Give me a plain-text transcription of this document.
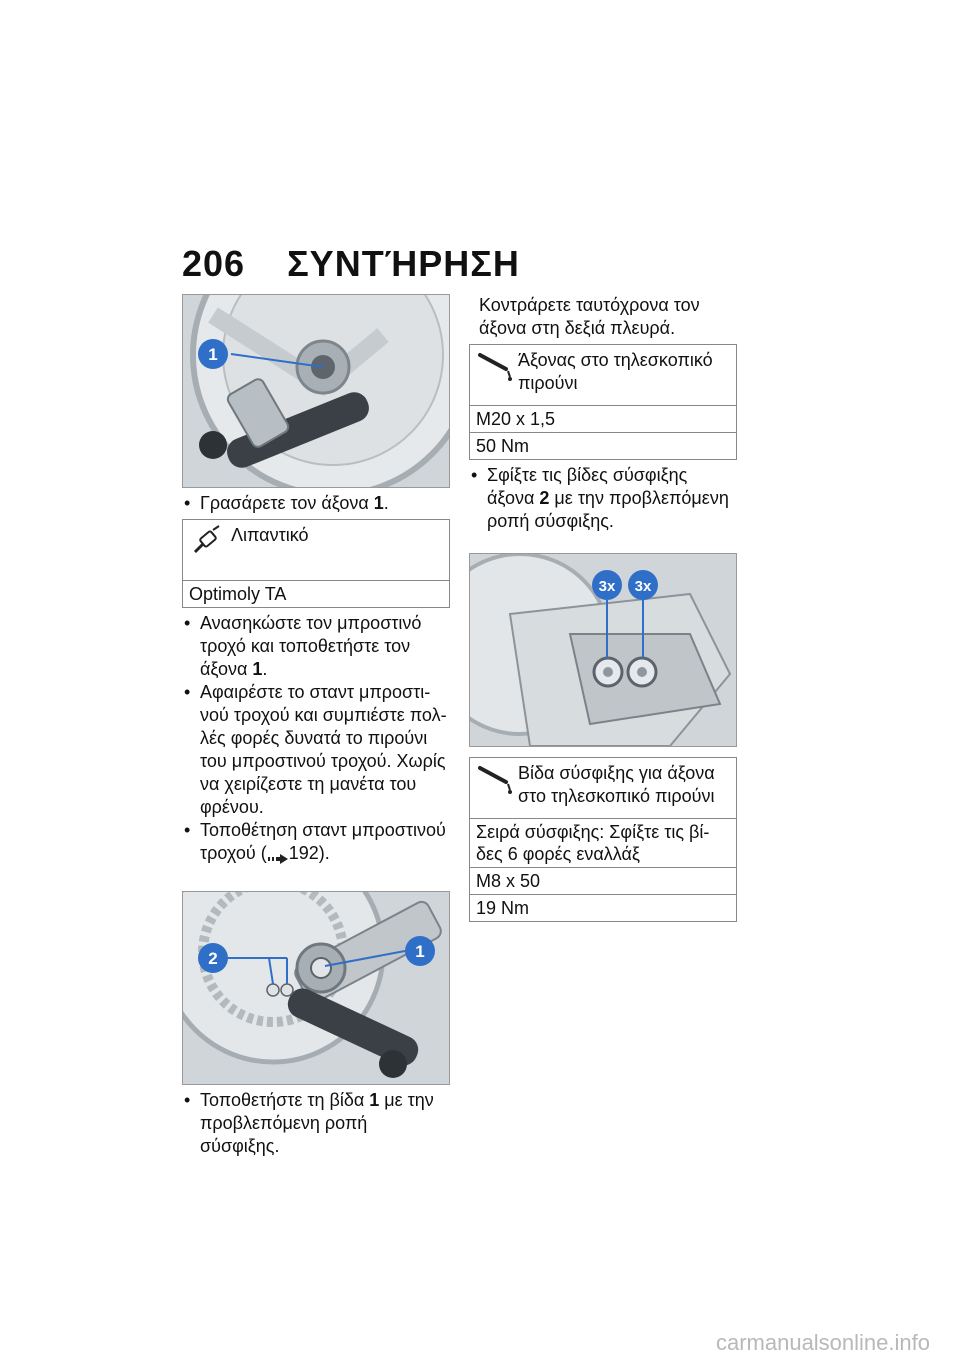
206 ΣΥΝΤΉΡΗΣΗ
1

• Γρασάρετε τον άξονα 1.

Λιπαντικό
Optimoly TA

• Ανασηκώστε τον μπροστινό τροχό και τοποθετήστε τον άξονα 1.

• Αφαιρέστε το σταντ μπροστι-νού τροχού και συμπιέστε πολ-λές φορές δυνατά το πιρούνι του μπροστινού τροχού. Χωρίς να χειρίζεστε τη μανέτα του φρένου.

• Τοποθέτηση σταντ μπροστινού τροχού ( 192).

2	1

• Τοποθετήστε τη βίδα 1 με την προβλεπόμενη ροπή σύσφιξης.

Κοντράρετε ταυτόχρονα τον άξονα στη δεξιά πλευρά.

Άξονας στο τηλεσκοπικό πιρούνι
M20 x 1,5
50 Nm

• Σφίξτε τις βίδες σύσφιξης άξονα 2 με την προβλεπόμενη ροπή σύσφιξης.

3x 3x
Βίδα σύσφιξης για άξονα στο τηλεσκοπικό πιρούνι
Σειρά σύσφιξης: Σφίξτε τις βί-δες 6 φορές εναλλάξ
M8 x 50
19 Nm
carmanualsonline.info
